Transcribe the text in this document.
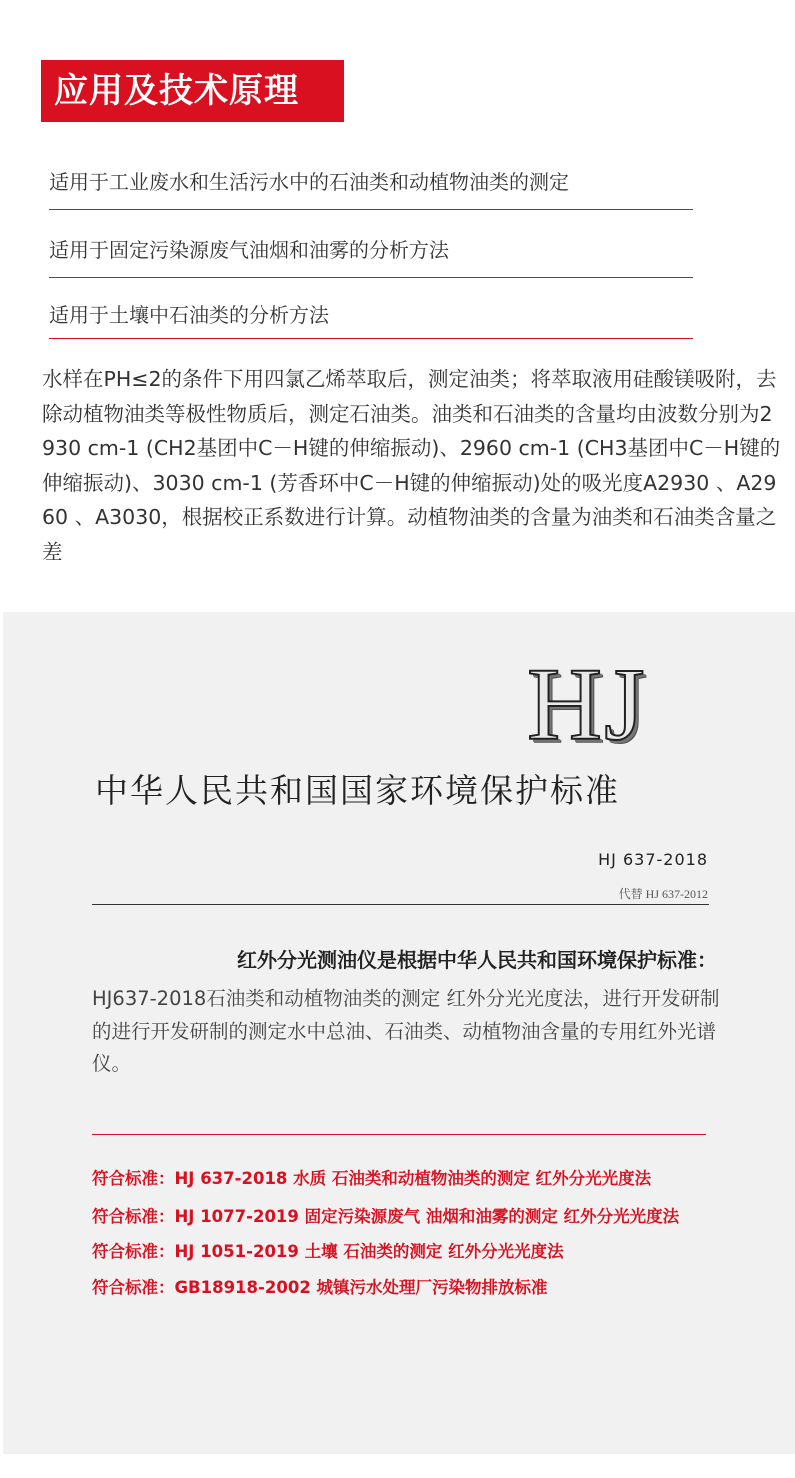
应用及技术原理
适用于工业废水和生活污水中的石油类和动植物油类的测定
适用于固定污染源废气油烟和油雾的分析方法
适用于土壤中石油类的分析方法

水样在PH≤2的条件下用四氯乙烯萃取后，测定油类；将萃取液用硅酸镁吸附，去除动植物油类等极性物质后，测定石油类。油类和石油类的含量均由波数分别为2930 cm-1 (CH2基团中C－H键的伸缩振动)、2960 cm-1 (CH3基团中C－H键的伸缩振动)、3030 cm-1 (芳香环中C－H键的伸缩振动)处的吸光度A2930 、A2960 、A3030，根据校正系数进行计算。动植物油类的含量为油类和石油类含量之差

HJ
中华人民共和国国家环境保护标准
HJ 637-2018
代替 HJ 637-2012
红外分光测油仪是根据中华人民共和国环境保护标准：

HJ637-2018石油类和动植物油类的测定 红外分光光度法，进行开发研制的进行开发研制的测定水中总油、石油类、动植物油含量的专用红外光谱仪。

符合标准：HJ 637-2018 水质 石油类和动植物油类的测定 红外分光光度法
符合标准：HJ 1077-2019 固定污染源废气 油烟和油雾的测定 红外分光光度法
符合标准：HJ 1051-2019 土壤 石油类的测定 红外分光光度法
符合标准：GB18918-2002 城镇污水处理厂污染物排放标准
